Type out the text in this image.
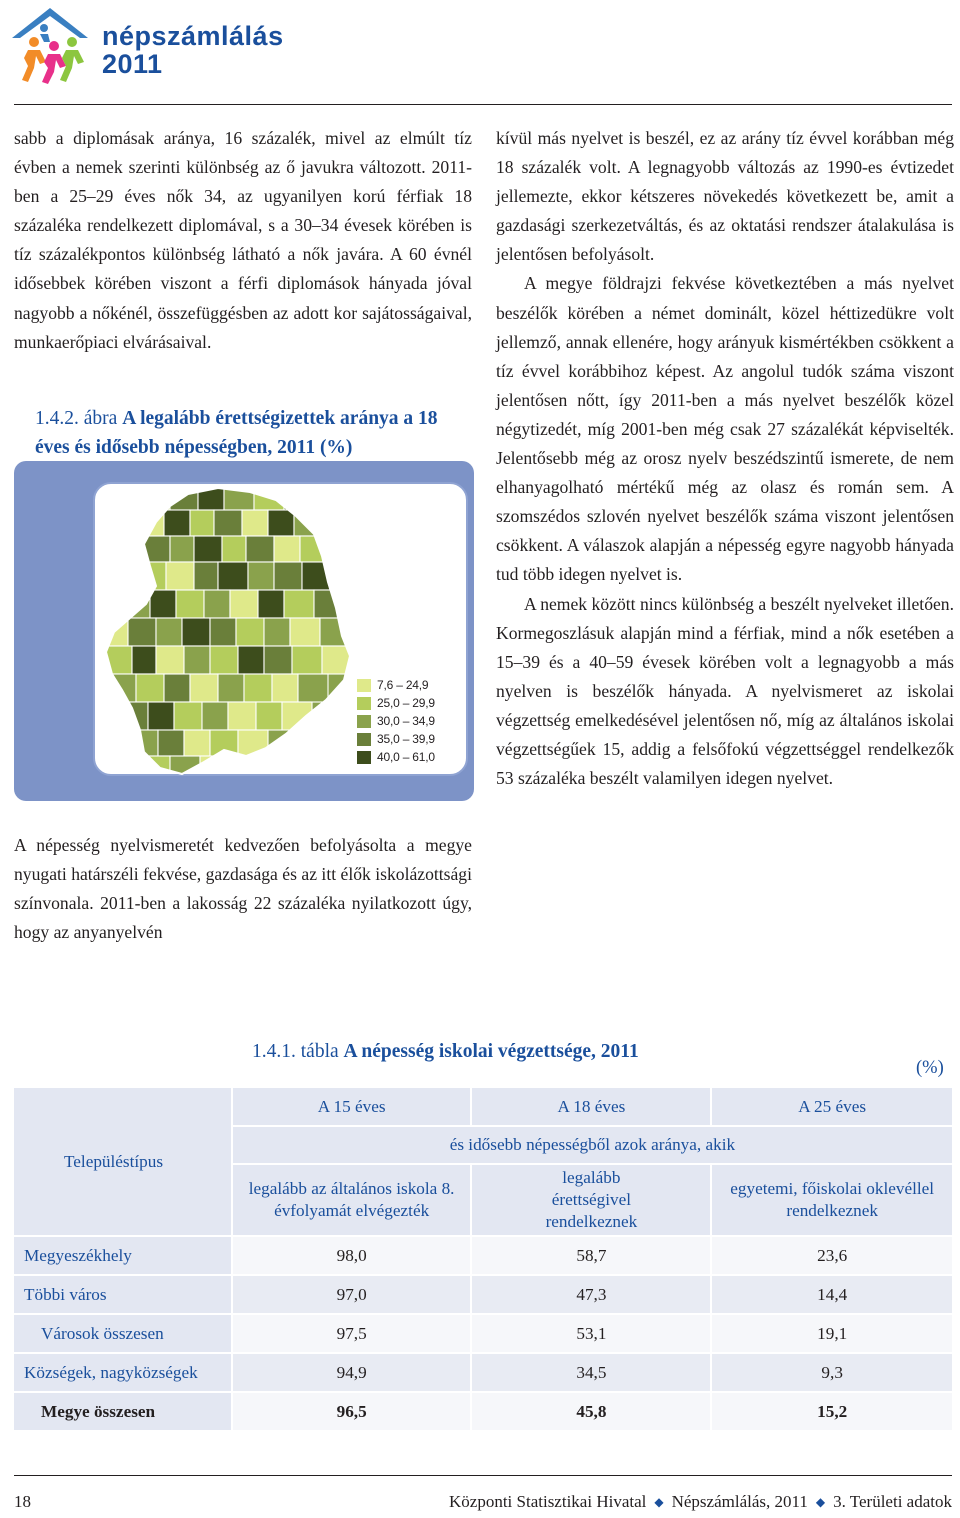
népszámlálás
2011

sabb a diplomásak aránya, 16 százalék, mivel az elmúlt tíz évben a nemek szerinti különbség az ő javukra változott. 2011-ben a 25–29 éves nők 34, az ugyanilyen korú férfiak 18 százaléka rendelkezett diplomával, s a 30–34 évesek körében is tíz százalékpontos különbség látható a nők javára. A 60 évnél idősebbek körében viszont a férfi diplomások hányada jóval nagyobb a nőkénél, összefüggésben az adott kor sajátosságaival, munkaerőpiaci elvárásaival.

1.4.2. ábra A legalább érettségizettek aránya a 18 éves és idősebb népességben, 2011 (%)
7,6 – 24,9
25,0 – 29,9
30,0 – 34,9
35,0 – 39,9
40,0 – 61,0

A népesség nyelvismeretét kedvezően befolyásolta a megye nyugati határszéli fekvése, gazdasága és az itt élők iskolázottsági színvonala. 2011-ben a lakosság 22 százaléka nyilatkozott úgy, hogy az anyanyelvén

kívül más nyelvet is beszél, ez az arány tíz évvel korábban még 18 százalék volt. A legnagyobb változás az 1990-es évtizedet jellemezte, ekkor kétszeres növekedés következett be, amit a gazdasági szerkezetváltás, és az oktatási rendszer átalakulása is jelentősen befolyásolt.

A megye földrajzi fekvése következtében a más nyelvet beszélők körében a német dominált, közel héttizedükre volt jellemző, annak ellenére, hogy arányuk kismértékben csökkent a tíz évvel korábbihoz képest. Az angolul tudók száma viszont jelentősen nőtt, így 2011-ben a más nyelvet beszélők közel négytizedét, míg 2001-ben még csak 27 százalékát képviselték. Jelentősebb még az orosz nyelv beszédszintű ismerete, de nem elhanyagolható mértékű még az olasz és román sem. A szomszédos szlovén nyelvet beszélők száma viszont jelentősen csökkent. A válaszok alapján a népesség egyre nagyobb hányada tud több idegen nyelvet is.

A nemek között nincs különbség a beszélt nyelveket illetően. Kormegoszlásuk alapján mind a férfiak, mind a nők esetében a 15–39 és a 40–59 évesek körében volt a legnagyobb a más nyelven is beszélők hányada. A nyelvismeret az iskolai végzettség emelkedésével jelentősen nő, míg az általános iskolai végzettségűek 15, addig a felsőfokú végzettséggel rendelkezők 53 százaléka beszélt valamilyen idegen nyelvet.

1.4.1. tábla A népesség iskolai végzettsége, 2011
(%)
Településtípus	A 15 éves	A 18 éves	A 25 éves
	és idősebb népességből azok aránya, akik		
	legalább az általános iskola 8. évfolyamát elvégezték	legalább érettségivel rendelkeznek	egyetemi, főiskolai oklevéllel rendelkeznek
Megyeszékhely	98,0	58,7	23,6
Többi város	97,0	47,3	14,4
Városok összesen	97,5	53,1	19,1
Községek, nagyközségek	94,9	34,5	9,3
Megye összesen	96,5	45,8	15,2
18	Központi Statisztikai Hivatal ◆ Népszámlálás, 2011 ◆ 3. Területi adatok
